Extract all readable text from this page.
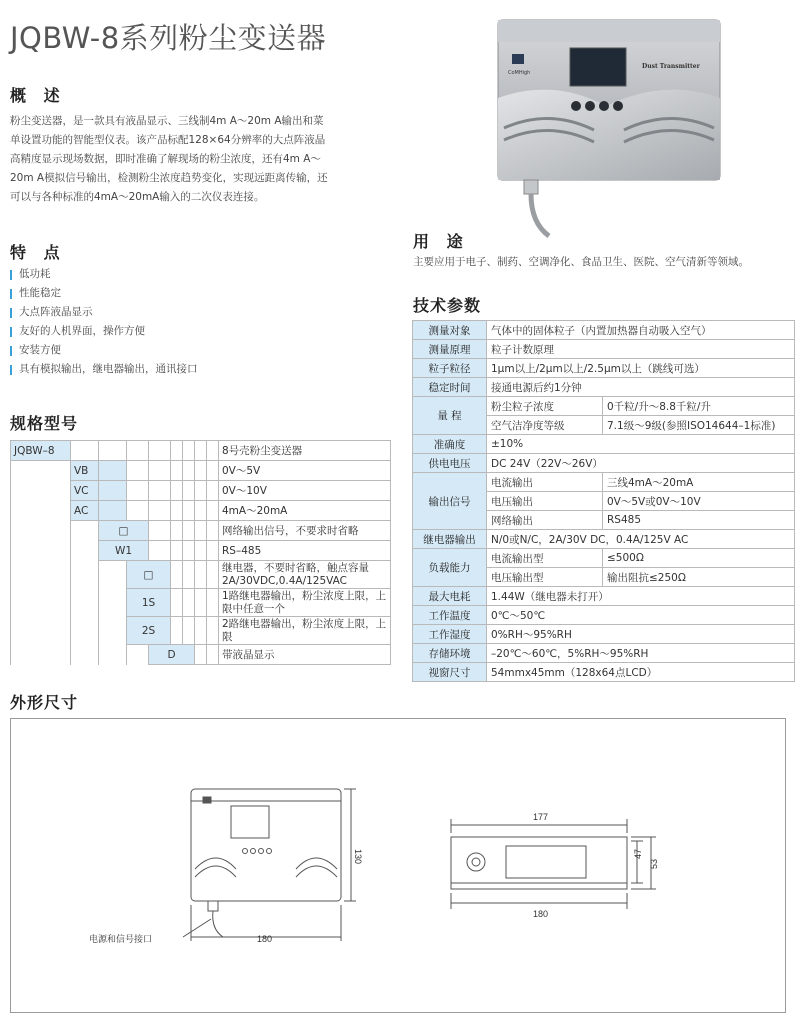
JQBW-8系列粉尘变送器
概 述
粉尘变送器，是一款具有液晶显示、三线制4m A～20m A输出和菜
单设置功能的智能型仪表。该产品标配128×64分辨率的大点阵液晶
高精度显示现场数据，即时准确了解现场的粉尘浓度，还有4m A～
20m A模拟信号输出，检测粉尘浓度趋势变化，实现远距离传输，还
可以与各种标准的4mA～20mA输入的二次仪表连接。
特 点
低功耗
性能稳定
大点阵液晶显示
友好的人机界面，操作方便
安装方便
具有模拟输出，继电器输出，通讯接口
CoMHigh
Dust Transmitter
用 途
主要应用于电子、制药、空调净化、食品卫生、医院、空气清新等领域。
技术参数
测量对象	气体中的固体粒子（内置加热器自动吸入空气）	
测量原理	粒子计数原理	
粒子粒径	1μm以上/2μm以上/2.5μm以上（跳线可选）	
稳定时间	接通电源后约1分钟	
量 程	粉尘粒子浓度	0千粒/升～8.8千粒/升
	空气洁净度等级	7.1级～9级(参照ISO14644–1标准)
准确度	±10%	
供电电压	DC 24V（22V～26V）	
输出信号	电流输出	三线4mA～20mA
	电压输出	0V～5V或0V～10V
	网络输出	RS485
继电器输出	N/0或N/C，2A/30V DC，0.4A/125V AC	
负载能力	电流输出型	≤500Ω
	电压输出型	输出阻抗≤250Ω
最大电耗	1.44W（继电器未打开）	
工作温度	0℃～50℃	
工作湿度	0%RH～95%RH	
存储环境	–20℃～60℃，5%RH～95%RH	
视窗尺寸	54mmx45mm（128x64点LCD）	
规格型号
JQBW–8									8号壳粉尘变送器
	VB								0V～5V
	VC								0V～10V
	AC								4mA～20mA
		□							网络输出信号，不要求时省略
		W1							RS–485
			□						继电器，不要时省略，触点容量2A/30VDC,0.4A/125VAC
			1S						1路继电器输出，粉尘浓度上限，上限中任意一个
			2S						2路继电器输出，粉尘浓度上限，上限
				D					带液晶显示
外形尺寸
130
180
电源和信号接口
177
180
47
53
